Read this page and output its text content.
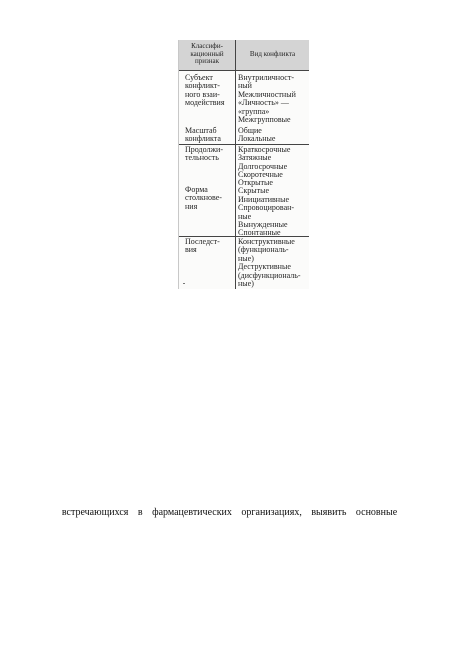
Классифи-
кационный
признак
Вид конфликта
Субъект
конфликт-
ного взаи-
модействия
Внутриличност-
ный
Межличностный
«Личность» —
«группа»
Межгрупповые
Масштаб
конфликта
Общие
Локальные
Продолжи-
тельность
Краткосрочные
Затяжные
Долгосрочные
Скоротечные
Форма
столкнове-
ния
Открытые
Скрытые
Инициативные
Спровоцирован-
ные
Вынужденные
Спонтанные
Последст-
вия
Конструктивные
(функциональ-
ные)
Деструктивные
(дисфункциональ-
ные)
встречающихся в фармацевтических организациях, выявить основные
